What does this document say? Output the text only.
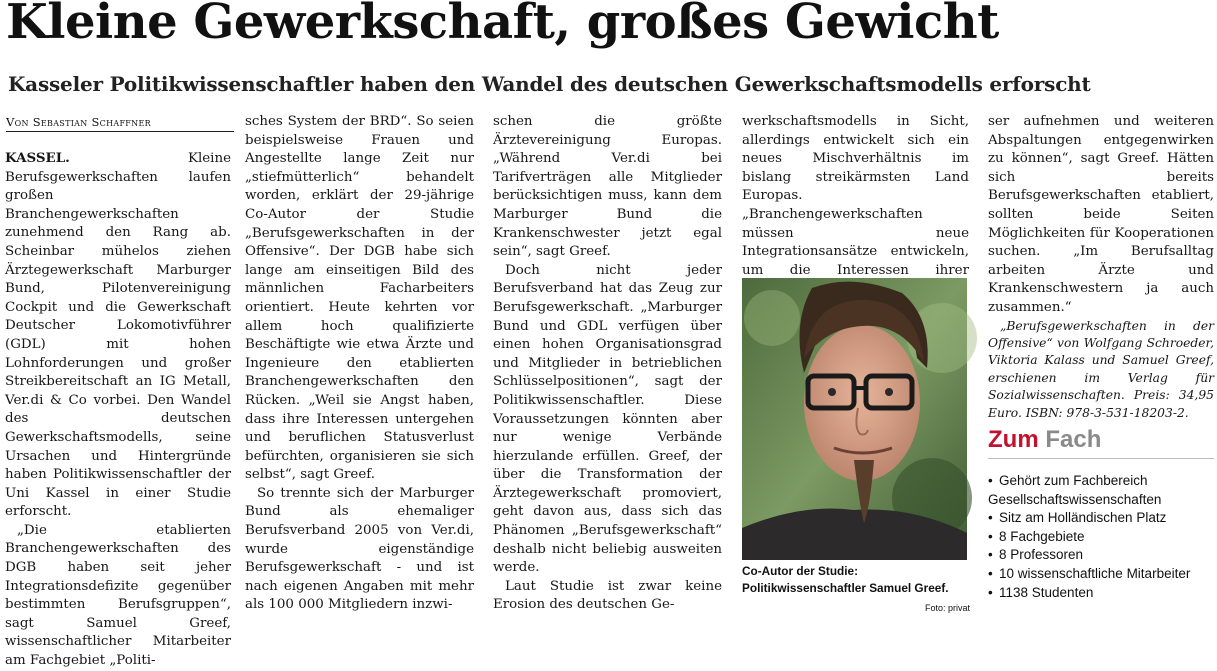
Kleine Gewerkschaft, großes Gewicht
Kasseler Politikwissenschaftler haben den Wandel des deutschen Gewerkschaftsmodells erforscht
Von Sebastian Schaffner

KASSEL.	Kleine Berufsgewerkschaften laufen großen Branchengewerkschaften zunehmend den Rang ab. Scheinbar mühelos ziehen Ärztegewerkschaft Marburger Bund, Pilotenvereinigung Cockpit und die Gewerkschaft Deutscher Lokomotivführer (GDL) mit hohen Lohnforderungen und großer Streikbereitschaft an IG Metall, Ver.di & Co vorbei. Den Wandel des deutschen Gewerkschaftsmodells, seine Ursachen und Hintergründe haben Politikwissenschaftler der Uni Kassel in einer Studie erforscht.

„Die etablierten Branchengewerkschaften des DGB haben seit jeher Integrationsdefizite gegenüber bestimmten Berufsgruppen“, sagt Samuel Greef, wissenschaftlicher Mitarbeiter am Fachgebiet „Politi-

sches System der BRD“. So seien beispielsweise Frauen und Angestellte lange Zeit nur „stiefmütterlich“ behandelt worden, erklärt der 29-jährige Co-Autor der Studie „Berufsgewerkschaften in der Offensive“. Der DGB habe sich lange am einseitigen Bild des männlichen Facharbeiters orientiert. Heute kehrten vor allem hoch qualifizierte Beschäftigte wie etwa Ärzte und Ingenieure den etablierten Branchengewerkschaften den Rücken. „Weil sie Angst haben, dass ihre Interessen untergehen und beruflichen Statusverlust befürchten, organisieren sie sich selbst“, sagt Greef.

So trennte sich der Marburger Bund als ehemaliger Berufsverband 2005 von Ver.di, wurde eigenständige Berufsgewerkschaft - und ist nach eigenen Angaben mit mehr als 100 000 Mitgliedern inzwi-

schen die größte Ärztevereinigung Europas. „Während Ver.di bei Tarifverträgen alle Mitglieder berücksichtigen muss, kann dem Marburger Bund die Krankenschwester jetzt egal sein“, sagt Greef.

Doch nicht jeder Berufsverband hat das Zeug zur Berufsgewerkschaft. „Marburger Bund und GDL verfügen über einen hohen Organisationsgrad und Mitglieder in betrieblichen Schlüsselpositionen“, sagt der Politikwissenschaftler. Diese Voraussetzungen könnten aber nur wenige Verbände hierzulande erfüllen. Greef, der über die Transformation der Ärztegewerkschaft promoviert, geht davon aus, dass sich das Phänomen „Berufsgewerkschaft“ deshalb nicht beliebig ausweiten werde.

Laut Studie ist zwar keine Erosion des deutschen Ge-

werkschaftsmodells in Sicht, allerdings entwickelt sich ein neues Mischverhältnis im bislang streikärmsten Land Europas. „Branchengewerkschaften müssen neue Integrationsansätze entwickeln, um die Interessen ihrer

Co-Autor der Studie: Politikwissenschaftler Samuel Greef.
Foto: privat

ser aufnehmen und weiteren Abspaltungen entgegenwirken zu können“, sagt Greef. Hätten sich bereits Berufsgewerkschaften etabliert, sollten beide Seiten Möglichkeiten für Kooperationen suchen. „Im Berufsalltag arbeiten Ärzte und Krankenschwestern ja auch zusammen.“

„Berufsgewerkschaften in der Offensive“ von Wolfgang Schroeder, Viktoria Kalass und Samuel Greef, erschienen im Verlag für Sozialwissenschaften. Preis: 34,95 Euro. ISBN: 978-3-531-18203-2.

Zum Fach
• Gehört zum Fachbereich Gesellschaftswissenschaften
• Sitz am Holländischen Platz
• 8 Fachgebiete
• 8 Professoren
• 10 wissenschaftliche Mitarbeiter
• 1138 Studenten
